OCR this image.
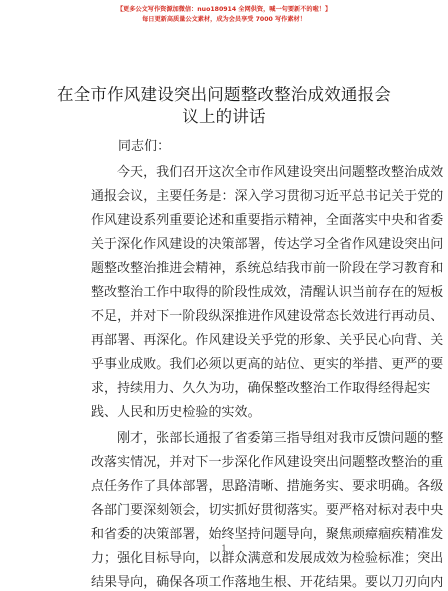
【更多公文写作资源加微信：nuo180914 全网供资，喊一句要新不的啦！】
每日更新高质量公文素材，成为会员享受 7000 写作素材！
在全市作风建设突出问题整改整治成效通报会
议上的讲话
同志们：
今天，我们召开这次全市作风建设突出问题整改整治成效
通报会议，主要任务是：深入学习贯彻习近平总书记关于党的
作风建设系列重要论述和重要指示精神，全面落实中央和省委
关于深化作风建设的决策部署，传达学习全省作风建设突出问
题整改整治推进会精神，系统总结我市前一阶段在学习教育和
整改整治工作中取得的阶段性成效，清醒认识当前存在的短板
不足，并对下一阶段纵深推进作风建设常态长效进行再动员、
再部署、再深化。作风建设关乎党的形象、关乎民心向背、关
乎事业成败。我们必须以更高的站位、更实的举措、更严的要
求，持续用力、久久为功，确保整改整治工作取得经得起实
践、人民和历史检验的实效。
刚才，张部长通报了省委第三指导组对我市反馈问题的整
改落实情况，并对下一步深化作风建设突出问题整改整治的重
点任务作了具体部署，思路清晰、措施务实、要求明确。各级
各部门要深刻领会，切实抓好贯彻落实。要严格对标对表中央
和省委的决策部署，始终坚持问题导向，聚焦顽瘴痼疾精准发
力；强化目标导向，以群众满意和发展成效为检验标准；突出
结果导向，确保各项工作落地生根、开花结果。要以刀刃向内
1
